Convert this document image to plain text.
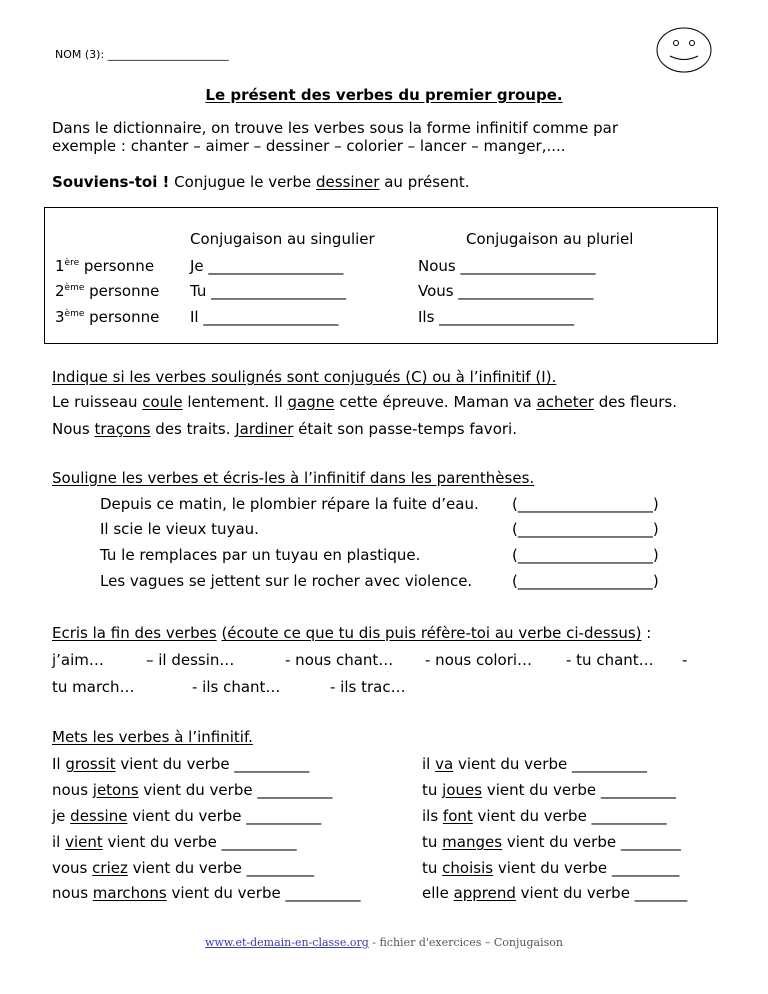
NOM (3): ______________________
Le présent des verbes du premier groupe.
Dans le dictionnaire, on trouve les verbes sous la forme infinitif comme par
exemple : chanter – aimer – dessiner – colorier – lancer – manger,....
Souviens-toi ! Conjugue le verbe dessiner au présent.
Conjugaison au singulier	Conjugaison au pluriel
1ère personne Je __________________	Nous __________________
2ème personne Tu __________________	Vous __________________
3ème personne Il __________________	Ils __________________
Indique si les verbes soulignés sont conjugués (C) ou à l’infinitif (I).
Le ruisseau coule lentement. Il gagne cette épreuve. Maman va acheter des fleurs.
Nous traçons des traits. Jardiner était son passe-temps favori.
Souligne les verbes et écris-les à l’infinitif dans les parenthèses.
Depuis ce matin, le plombier répare la fuite d’eau. (__________________)
Il scie le vieux tuyau.	(__________________)
Tu le remplaces par un tuyau en plastique.	(__________________)
Les vagues se jettent sur le rocher avec violence.	(__________________)
Ecris la fin des verbes (écoute ce que tu dis puis réfère-toi au verbe ci-dessus) :
j’aim…	– il dessin…	- nous chant… - nous colori… - tu chant… -
tu march…	- ils chant…	- ils trac…
Mets les verbes à l’infinitif.
Il grossit vient du verbe __________
nous jetons vient du verbe __________
je dessine vient du verbe __________
il vient vient du verbe __________
vous criez vient du verbe _________
nous marchons vient du verbe __________
il va vient du verbe __________
tu joues vient du verbe __________
ils font vient du verbe __________
tu manges vient du verbe ________
tu choisis vient du verbe _________
elle apprend vient du verbe _______
www.et-demain-en-classe.org - fichier d'exercices – Conjugaison
